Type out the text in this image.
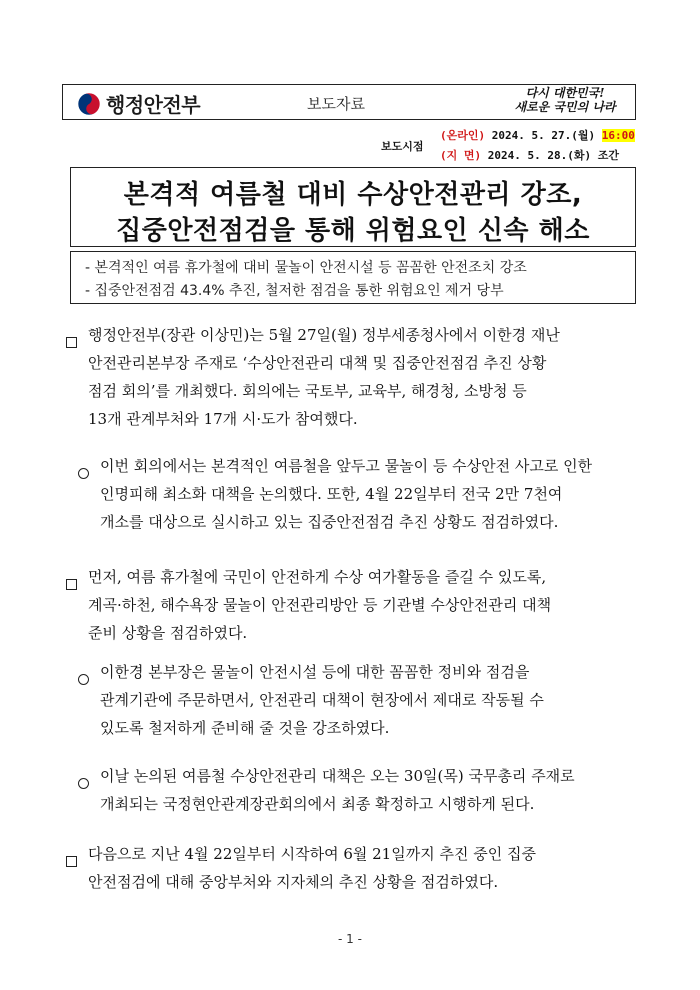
행정안전부	보도자료
다시 대한민국!
새로운 국민의 나라
보도시점
(온라인) 2024. 5. 27.(월) 16:00
(지 면) 2024. 5. 28.(화) 조간
본격적 여름철 대비 수상안전관리 강조,
집중안전점검을 통해 위험요인 신속 해소
- 본격적인 여름 휴가철에 대비 물놀이 안전시설 등 꼼꼼한 안전조치 강조
- 집중안전점검 43.4% 추진, 철저한 점검을 통한 위험요인 제거 당부
행정안전부(장관 이상민)는 5월 27일(월) 정부세종청사에서 이한경 재난
안전관리본부장 주재로 ‘수상안전관리 대책 및 집중안전점검 추진 상황
점검 회의’를 개최했다. 회의에는 국토부, 교육부, 해경청, 소방청 등
13개 관계부처와 17개 시·도가 참여했다.
이번 회의에서는 본격적인 여름철을 앞두고 물놀이 등 수상안전 사고로 인한
인명피해 최소화 대책을 논의했다. 또한, 4월 22일부터 전국 2만 7천여
개소를 대상으로 실시하고 있는 집중안전점검 추진 상황도 점검하였다.
먼저, 여름 휴가철에 국민이 안전하게 수상 여가활동을 즐길 수 있도록,
계곡·하천, 해수욕장 물놀이 안전관리방안 등 기관별 수상안전관리 대책
준비 상황을 점검하였다.
이한경 본부장은 물놀이 안전시설 등에 대한 꼼꼼한 정비와 점검을
관계기관에 주문하면서, 안전관리 대책이 현장에서 제대로 작동될 수
있도록 철저하게 준비해 줄 것을 강조하였다.
이날 논의된 여름철 수상안전관리 대책은 오는 30일(목) 국무총리 주재로
개최되는 국정현안관계장관회의에서 최종 확정하고 시행하게 된다.
다음으로 지난 4월 22일부터 시작하여 6월 21일까지 추진 중인 집중
안전점검에 대해 중앙부처와 지자체의 추진 상황을 점검하였다.
- 1 -
